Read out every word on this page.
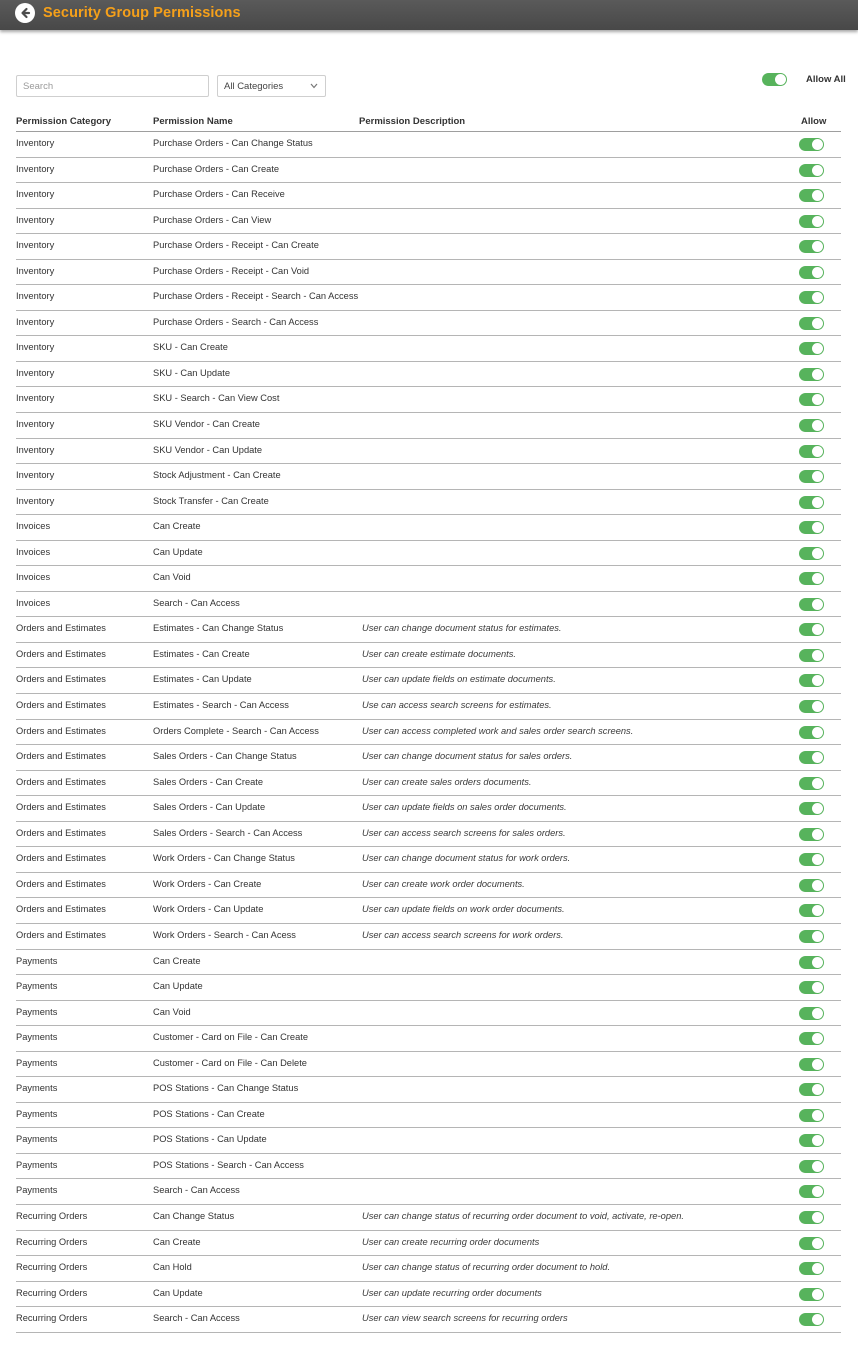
Security Group Permissions
Search
All Categories
Allow All
Permission Category	Permission Name	Permission Description	Allow
Inventory	Purchase Orders - Can Change Status
Inventory	Purchase Orders - Can Create
Inventory	Purchase Orders - Can Receive
Inventory	Purchase Orders - Can View
Inventory	Purchase Orders - Receipt - Can Create
Inventory	Purchase Orders - Receipt - Can Void
Inventory	Purchase Orders - Receipt - Search - Can Access
Inventory	Purchase Orders - Search - Can Access
Inventory	SKU - Can Create
Inventory	SKU - Can Update
Inventory	SKU - Search - Can View Cost
Inventory	SKU Vendor - Can Create
Inventory	SKU Vendor - Can Update
Inventory	Stock Adjustment - Can Create
Inventory	Stock Transfer - Can Create
Invoices	Can Create
Invoices	Can Update
Invoices	Can Void
Invoices	Search - Can Access
Orders and Estimates	Estimates - Can Change Status	User can change document status for estimates.
Orders and Estimates	Estimates - Can Create	User can create estimate documents.
Orders and Estimates	Estimates - Can Update	User can update fields on estimate documents.
Orders and Estimates	Estimates - Search - Can Access	Use can access search screens for estimates.
Orders and Estimates	Orders Complete - Search - Can Access	User can access completed work and sales order search screens.
Orders and Estimates	Sales Orders - Can Change Status	User can change document status for sales orders.
Orders and Estimates	Sales Orders - Can Create	User can create sales orders documents.
Orders and Estimates	Sales Orders - Can Update	User can update fields on sales order documents.
Orders and Estimates	Sales Orders - Search - Can Access	User can access search screens for sales orders.
Orders and Estimates	Work Orders - Can Change Status	User can change document status for work orders.
Orders and Estimates	Work Orders - Can Create	User can create work order documents.
Orders and Estimates	Work Orders - Can Update	User can update fields on work order documents.
Orders and Estimates	Work Orders - Search - Can Acess	User can access search screens for work orders.
Payments	Can Create
Payments	Can Update
Payments	Can Void
Payments	Customer - Card on File - Can Create
Payments	Customer - Card on File - Can Delete
Payments	POS Stations - Can Change Status
Payments	POS Stations - Can Create
Payments	POS Stations - Can Update
Payments	POS Stations - Search - Can Access
Payments	Search - Can Access
Recurring Orders	Can Change Status	User can change status of recurring order document to void, activate, re-open.
Recurring Orders	Can Create	User can create recurring order documents
Recurring Orders	Can Hold	User can change status of recurring order document to hold.
Recurring Orders	Can Update	User can update recurring order documents
Recurring Orders	Search - Can Access	User can view search screens for recurring orders
